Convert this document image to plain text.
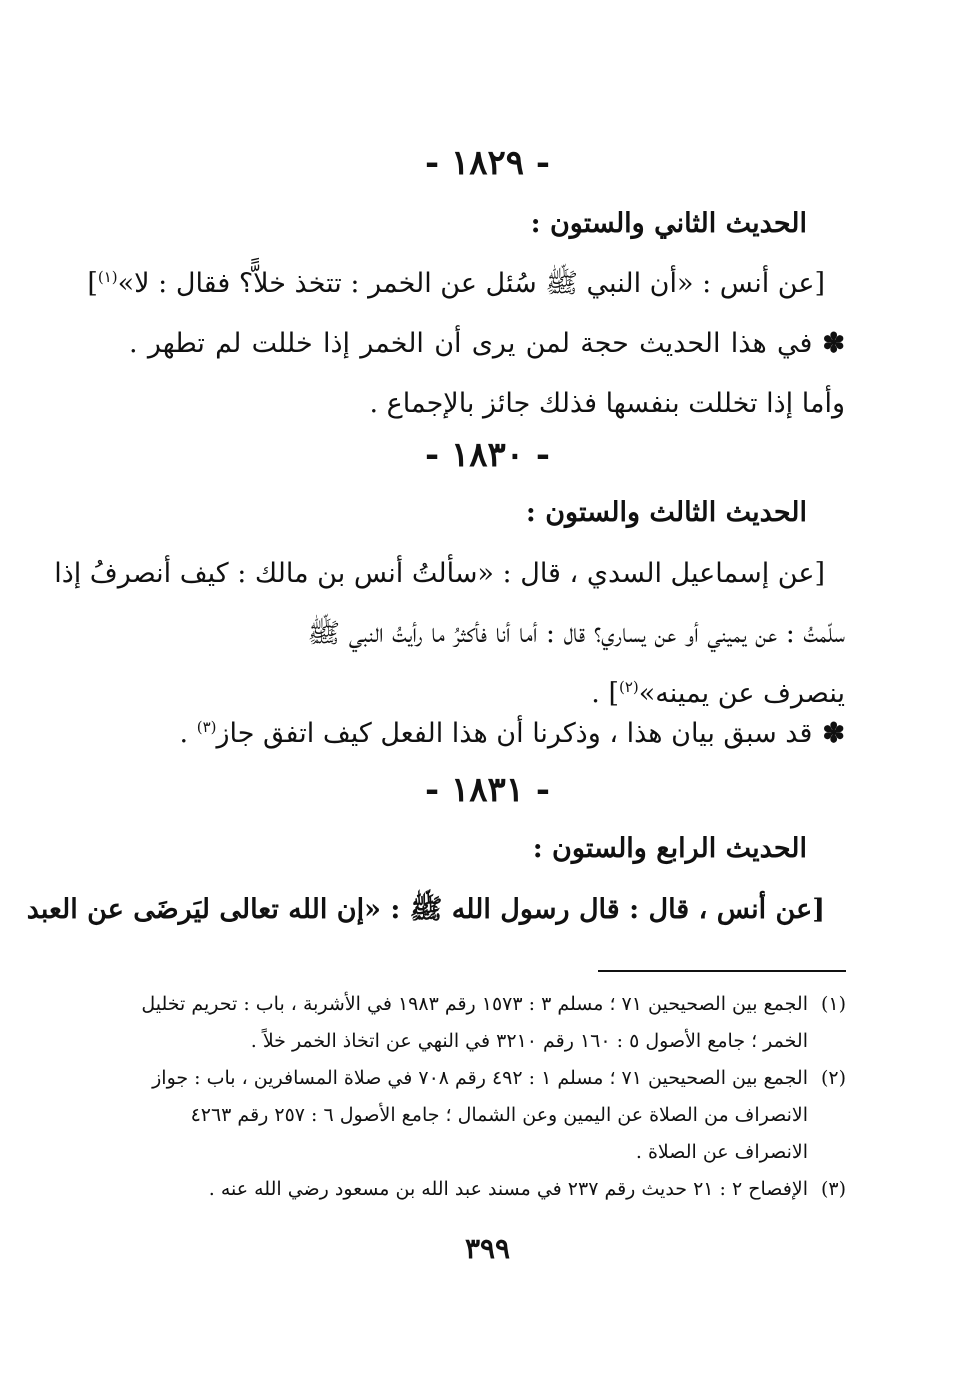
- ١٨٢٩ -
الحديث الثاني والستون :
[عن أنس : «أن النبي ﷺ سُئل عن الخمر : تتخذ خلاًّ؟ فقال : لا»$^{(١)}$]
✽في هذا الحديث حجة لمن يرى أن الخمر إذا خللت لم تطهر . وأما إذا تخللت بنفسها فذلك جائز بالإجماع .
- ١٨٣٠ -
الحديث الثالث والستون :
[عن إسماعيل السدي ، قال : «سألتُ أنس بن مالك : كيف أنصرفُ إذا
سلّمتُ : عن يميني أو عن يساري؟ قال : أما أنا فأكثرُ ما رأيتُ النبي ﷺ
ينصرف عن يمينه»$^{(٢)}$] .
✽قد سبق بيان هذا ، وذكرنا أن هذا الفعل كيف اتفق جاز$^{(٣)}$ .
- ١٨٣١ -
الحديث الرابع والستون :
[عن أنس ، قال : قال رسول الله ﷺ : «إن الله تعالى ليَرضَى عن العبد
(١)الجمع بين الصحيحين ٧١ ؛ مسلم ٣ : ١٥٧٣ رقم ١٩٨٣ في الأشربة ، باب : تحريم تخليل
الخمر ؛ جامع الأصول ٥ : ١٦٠ رقم ٣٢١٠ في النهي عن اتخاذ الخمر خلاً .
(٢)الجمع بين الصحيحين ٧١ ؛ مسلم ١ : ٤٩٢ رقم ٧٠٨ في صلاة المسافرين ، باب : جواز
الانصراف من الصلاة عن اليمين وعن الشمال ؛ جامع الأصول ٦ : ٢٥٧ رقم ٤٢٦٣
الانصراف عن الصلاة .
(٣)الإفصاح ٢ : ٢١ حديث رقم ٢٣٧ في مسند عبد الله بن مسعود رضي الله عنه .
٣٩٩
